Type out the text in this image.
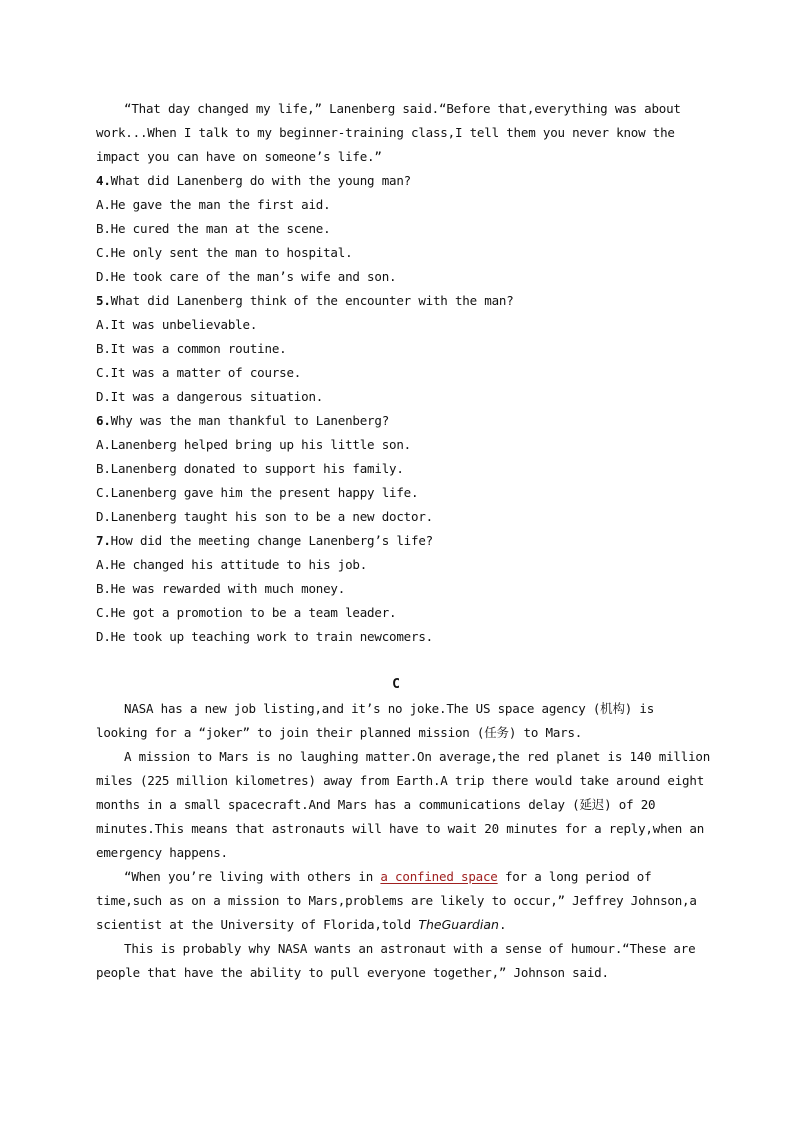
“That day changed my life,” Lanenberg said.“Before that,everything was about
work...When I talk to my beginner-training class,I tell them you never know the
impact you can have on someone’s life.”
4.What did Lanenberg do with the young man?
A.He gave the man the first aid.
B.He cured the man at the scene.
C.He only sent the man to hospital.
D.He took care of the man’s wife and son.
5.What did Lanenberg think of the encounter with the man?
A.It was unbelievable.
B.It was a common routine.
C.It was a matter of course.
D.It was a dangerous situation.
6.Why was the man thankful to Lanenberg?
A.Lanenberg helped bring up his little son.
B.Lanenberg donated to support his family.
C.Lanenberg gave him the present happy life.
D.Lanenberg taught his son to be a new doctor.
7.How did the meeting change Lanenberg’s life?
A.He changed his attitude to his job.
B.He was rewarded with much money.
C.He got a promotion to be a team leader.
D.He took up teaching work to train newcomers.
C
NASA has a new job listing,and it’s no joke.The US space agency (机构) is
looking for a “joker” to join their planned mission (任务) to Mars.
A mission to Mars is no laughing matter.On average,the red planet is 140 million
miles (225 million kilometres) away from Earth.A trip there would take around eight
months in a small spacecraft.And Mars has a communications delay (延迟) of 20
minutes.This means that astronauts will have to wait 20 minutes for a reply,when an
emergency happens.
“When you’re living with others in a confined space for a long period of
time,such as on a mission to Mars,problems are likely to occur,” Jeffrey Johnson,a
scientist at the University of Florida,told TheGuardian.
This is probably why NASA wants an astronaut with a sense of humour.“These are
people that have the ability to pull everyone together,” Johnson said.
